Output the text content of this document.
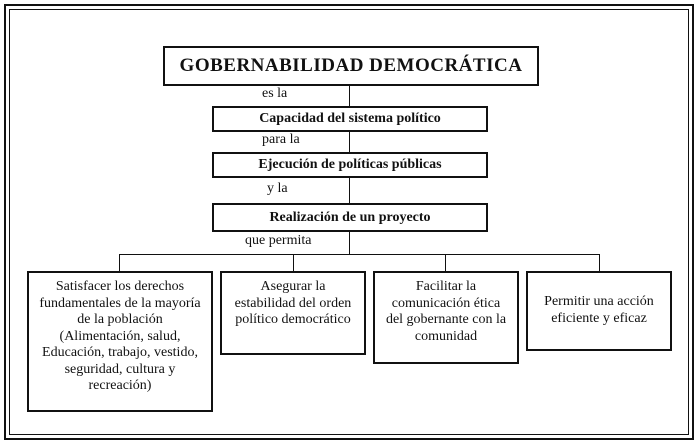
GOBERNABILIDAD DEMOCRÁTICA
es la
Capacidad del sistema político
para la
Ejecución de políticas públicas
y la
Realización de un proyecto
que permita
Satisfacer los derechos fundamentales de la mayoría de la población (Alimentación, salud, Educación, trabajo, vestido, seguridad, cultura y recreación)
Asegurar la estabilidad del orden político democrático
Facilitar la comunicación ética del gobernante con la comunidad
Permitir una acción eficiente y eficaz
